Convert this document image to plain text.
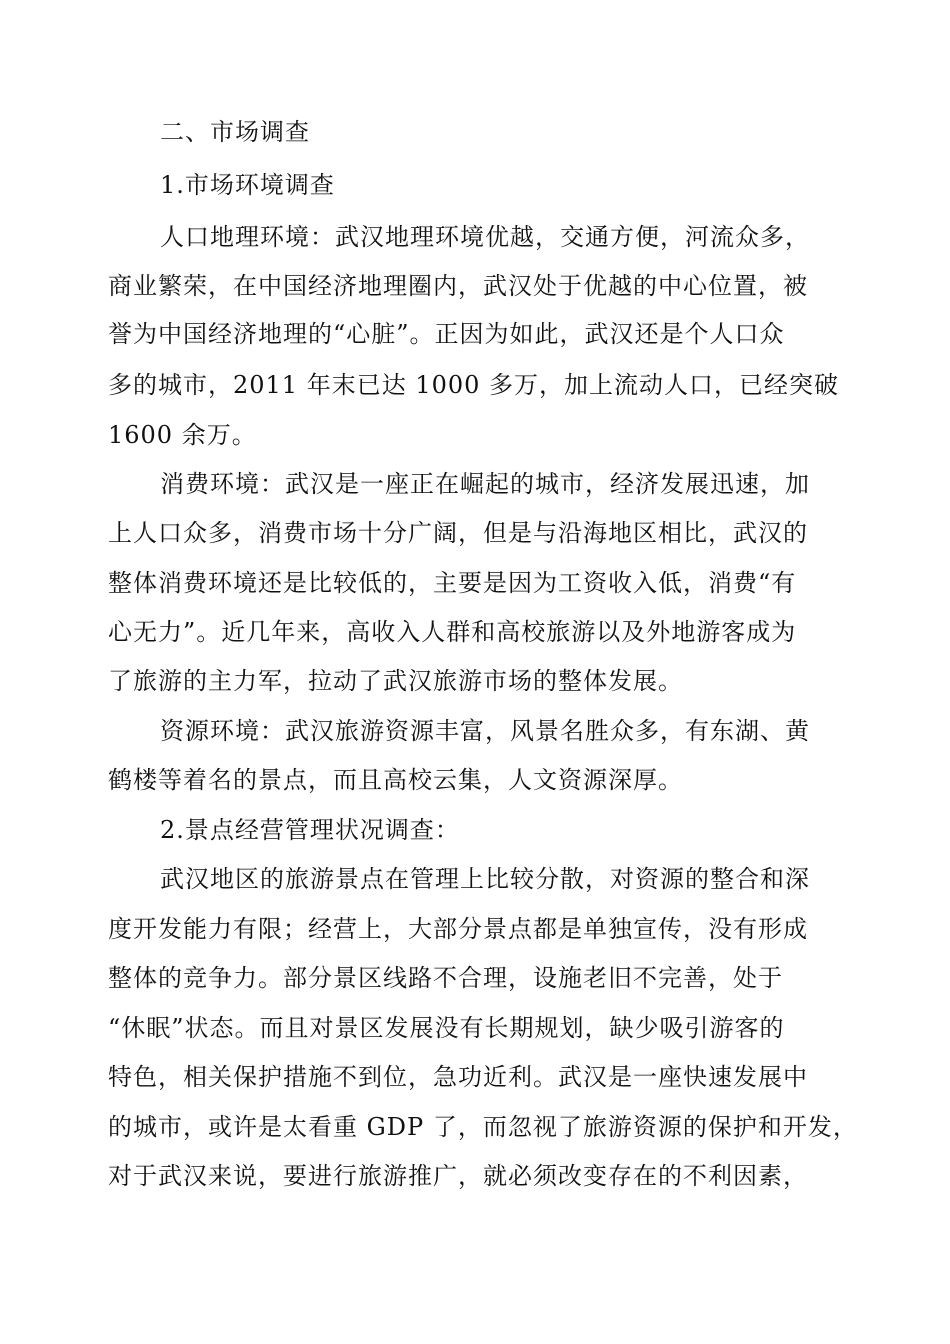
二、市场调查
1.市场环境调查
人口地理环境：武汉地理环境优越，交通方便，河流众多，
商业繁荣，在中国经济地理圈内，武汉处于优越的中心位置，被
誉为中国经济地理的“心脏”。正因为如此，武汉还是个人口众
多的城市，2011 年末已达 1000 多万，加上流动人口，已经突破
1600 余万。
消费环境：武汉是一座正在崛起的城市，经济发展迅速，加
上人口众多，消费市场十分广阔，但是与沿海地区相比，武汉的
整体消费环境还是比较低的，主要是因为工资收入低，消费“有
心无力”。近几年来，高收入人群和高校旅游以及外地游客成为
了旅游的主力军，拉动了武汉旅游市场的整体发展。
资源环境：武汉旅游资源丰富，风景名胜众多，有东湖、黄
鹤楼等着名的景点，而且高校云集，人文资源深厚。
2.景点经营管理状况调查：
武汉地区的旅游景点在管理上比较分散，对资源的整合和深
度开发能力有限；经营上，大部分景点都是单独宣传，没有形成
整体的竞争力。部分景区线路不合理，设施老旧不完善，处于
“休眠”状态。而且对景区发展没有长期规划，缺少吸引游客的
特色，相关保护措施不到位，急功近利。武汉是一座快速发展中
的城市，或许是太看重 GDP 了，而忽视了旅游资源的保护和开发，
对于武汉来说，要进行旅游推广，就必须改变存在的不利因素，
